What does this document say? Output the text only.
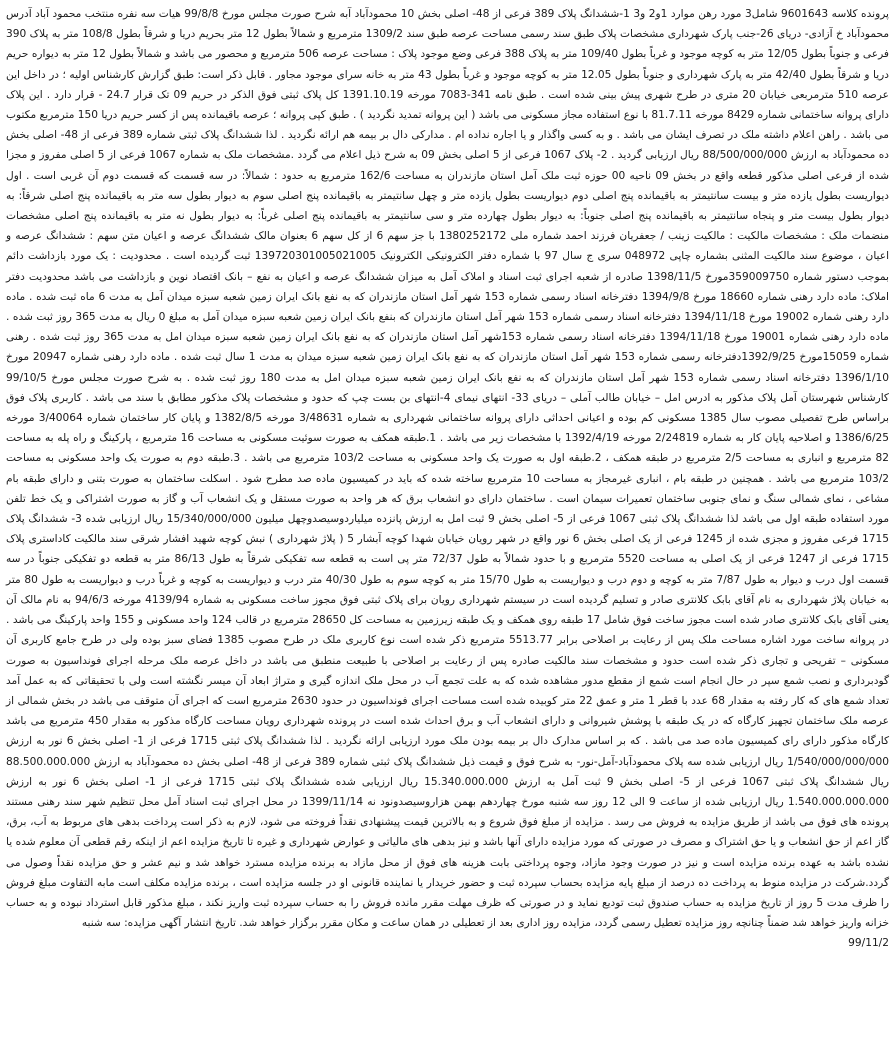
پرونده کلاسه 9601643 شامل3 مورد رهن موارد 1و2 و3 1-ششدانگ پلاک 389 فرعی از 48- اصلی بخش 10 محمودآباد آبه شرح صورت مجلس مورخ 99/8/8 هیات سه نفره منتخب محمود آباد آدرس محمودآباد خ آزادی- دریای 26-جنب پارک شهرداری مشخصات پلاک طبق سند رسمی مساحت عرصه طبق سند 1309/2 مترمربع و شمالاً بطول 12 متر بحریم دریا و شرقاً بطول 108/8 متر به پلاک 390 فرعی و جنوباً بطول 12/05 متر به کوچه موجود و غرباً بطول 109/40 متر به پلاک 388 فرعی وضع موجود پلاک : مساحت عرصه 506 مترمربع و محصور می باشد و شمالاً بطول 12 متر به دیواره حریم دریا و شرقاً بطول 42/40 متر به پارک شهرداری و جنوباً بطول 12.05 متر به کوچه موجود و غرباً بطول 43 متر به خانه سرای موجود مجاور . قابل ذکر است: طبق گزارش کارشناس اولیه ؛ در داخل این عرصه 510 مترمربعی خیابان 20 متری در طرح شهری پیش بینی شده است . طبق نامه 341-7083 مورخه 1391.10.19 کل پلاک ثبتی فوق الذکر در حریم 09 تک قرار 24.7 - قرار دارد . این پلاک دارای پروانه ساختمانی شماره 8429 مورخه 81.7.11 با نوع استفاده مجاز مسکونی می باشد ( این پروانه تمدید نگردید ) . طبق کپی پروانه ؛ عرصه باقیمانده پس از کسر حریم دریا 150 مترمربع مکتوب می باشد . راهن اعلام داشته ملک در تصرف ایشان می باشد . و به کسی واگذار و یا اجاره نداده ام . مدارکی دال بر بیمه هم ارائه نگردید . لذا ششدانگ پلاک ثبتی شماره 389 فرعی از 48- اصلی بخش ده محمودآباد به ارزش 88/500/000/000 ریال ارزیابی گردید . 2- پلاک 1067 فرعی از 5 اصلی بخش 09 به شرح ذیل اعلام می گردد .مشخصات ملک به شماره 1067 فرعی از 5 اصلی مفروز و مجزا شده از فرعی اصلی مذکور قطعه واقع در بخش 09 ناحیه 00 حوزه ثبت ملک آمل استان مازندران به مساحت 162/6 مترمربع به حدود : شمالاً: در سه قسمت که قسمت دوم آن غربی است . اول دیواریست بطول یازده متر و بیست سانتیمتر به باقیمانده پنج اصلی دوم دیواریست بطول یازده متر و چهل سانتیمتر به باقیمانده پنج اصلی سوم به دیوار بطول سه متر به باقیمانده پنج اصلی شرقاً: به دیوار بطول بیست متر و پنجاه سانتیمتر به باقیمانده پنج اصلی جنوباً: به دیوار بطول چهارده متر و سی سانتیمتر به باقیمانده پنج اصلی غرباً: به دیوار بطول نه متر به باقیمانده پنج اصلی مشخصات منضمات ملک : مشخصات مالکیت : مالکیت زینب / جعفریان فرزند احمد شماره ملی 1380252172 با جز سهم 6 از کل سهم 6 بعنوان مالک ششدانگ عرصه و اعیان متن سهم : ششدانگ عرصه و اعیان ، موضوع سند مالکیت المثنی بشماره چاپی 048972 سری ج سال 97 با شماره دفتر الکترونیکی الکترونیک 139720301005021005 ثبت گردیده است . محدودیت : یک مورد بازداشت دائم بموجب دستور شماره 359009750مورخ 1398/11/5 صادره از شعبه اجرای ثبت اسناد و املاک آمل به میزان ششدانگ عرصه و اعیان به نفع – بانک اقتصاد نوین و بازداشت می باشد محدودیت دفتر املاک: ماده دارد رهنی شماره 18660 مورخ 1394/9/8 دفترخانه اسناد رسمی شماره 153 شهر آمل استان مازندران که به نفع بانک ایران زمین شعبه سبزه میدان آمل به مدت 6 ماه ثبت شده . ماده دارد رهنی شماره 19002 مورخ 1394/11/18 دفترخانه اسناد رسمی شماره 153 شهر آمل استان مازندران که بنفع بانک ایران زمین شعبه سبزه میدان آمل به مبلغ 0 ریال به مدت 365 روز ثبت شده . ماده دارد رهنی شماره 19001 مورخ 1394/11/18 دفترخانه اسناد رسمی شماره 153شهر آمل استان مازندران که به نفع بانک ایران زمین شعبه سبزه میدان امل به مدت 365 روز ثبت شده . رهنی شماره 15059مورخ 1392/9/25دفترخانه رسمی شماره 153 شهر آمل استان مازندران که به نفع بانک ایران زمین شعبه سبزه میدان به مدت 1 سال ثبت شده . ماده دارد رهنی شماره 20947 مورخ 1396/1/10 دفترخانه اسناد رسمی شماره 153 شهر آمل استان مازندران که به نفع بانک ایران زمین شعبه سبزه میدان امل به مدت 180 روز ثبت شده . به شرح صورت مجلس مورخ 99/10/5 کارشناس شهرستان آمل پلاک مذکور به ادرس امل – خیابان طالب آملی – دریای 33- انتهای نیمای 4-انتهای بن بست چپ که حدود و مشخصات پلاک مذکور مطابق با سند می باشد . کاربری پلاک فوق براساس طرح تفصیلی مصوب سال 1385 مسکونی کم بوده و اعیانی احداثی دارای پروانه ساختمانی شهرداری به شماره 3/48631 مورخه 1382/8/5 و پایان کار ساختمان شماره 3/40064 مورخه 1386/6/25 و اصلاحیه پایان کار به شماره 2/24819 مورخه 1392/4/19 با مشخصات زیر می باشد . 1.طبقه همکف به صورت سوئیت مسکونی به مساحت 16 مترمربع ، پارکینگ و راه پله به مساحت 82 مترمربع و انباری به مساحت 2/5 مترمربع در طبقه همکف ، 2.طبقه اول به صورت یک واحد مسکونی به مساحت 103/2 مترمربع می باشد . 3.طبقه دوم به صورت یک واحد مسکونی به مساحت 103/2 مترمربع می باشد . همچنین در طبقه بام ، انباری غیرمجاز به مساحت 10 مترمربع ساخته شده که باید در کمیسیون ماده صد مطرح شود . اسکلت ساختمان به صورت بتنی و دارای طبقه بام مشاعی ، نمای شمالی سنگ و نمای جنوبی ساختمان تعمیرات سیمان است . ساختمان دارای دو انشعاب برق که هر واحد به صورت مستقل و یک انشعاب آب و گاز به صورت اشتراکی و یک خط تلفن مورد استفاده طبقه اول می باشد لذا ششدانگ پلاک ثبتی 1067 فرعی از 5- اصلی بخش 9 ثبت امل به ارزش پانزده میلیاردوسیصدوچهل میلیون 15/340/000/000 ریال ارزیابی شده 3- ششدانگ پلاک 1715 فرعی مفروز و مجزی شده از 1245 فرعی از یک اصلی بخش 6 نور واقع در شهر رویان خیابان شهدا کوچه آبشار 5 ( پلاژ شهرداری ) نبش کوچه شهید افشار شرقی سند مالکیت کاداستری پلاک 1715 فرعی از 1247 فرعی از یک اصلی به مساحت 5520 مترمربع و با حدود شمالاً به طول 72/37 متر پی است به قطعه سه تفکیکی شرقاً به طول 86/13 متر به قطعه دو تفکیکی جنوباً در سه قسمت اول درب و دیوار به طول 7/87 متر به کوچه و دوم درب و دیواریست به طول 15/70 متر به کوچه سوم به طول 40/30 متر درب و دیواریست به کوچه و غرباً درب و دیواریست به طول 80 متر به خیابان پلاژ شهرداری به نام آقای بابک کلانتری صادر و تسلیم گردیده است در سیستم شهرداری رویان برای پلاک ثبتی فوق مجوز ساخت مسکونی به شماره 4139/94 مورخه 94/6/3 به نام مالک آن یعنی آقای بابک کلانتری صادر شده است مجوز ساخت فوق شامل 17 طبقه روی همکف و یک طبقه زیرزمین به مساحت کل 28650 مترمربع در قالب 124 واحد مسکونی و 155 واحد پارکینگ می باشد . در پروانه ساخت مورد اشاره مساحت ملک پس از رعایت بر اصلاحی برابر 5513.77 مترمربع ذکر شده است نوع کاربری ملک در طرح مصوب 1385 فضای سبز بوده ولی در طرح جامع کاربری آن مسکونی – تفریحی و تجاری ذکر شده است حدود و مشخصات سند مالکیت صادره پس از رعایت بر اصلاحی با طبیعت منطبق می باشد در داخل عرصه ملک مرحله اجرای فونداسیون به صورت گودبرداری و نصب شمع سپر در حال انجام است شمع از مقطع مدور مشاهده شده که به علت تجمع آب در محل ملک اندازه گیری و متراژ ابعاد آن میسر نگشته است ولی با تحقیقاتی که به عمل آمد تعداد شمع های که کار رفته به مقدار 68 عدد با قطر 1 متر و عمق 22 متر کوبیده شده است مساحت اجرای فونداسیون در حدود 2630 مترمربع است که اجرای آن متوقف می باشد در بخش شمالی از عرصه ملک ساختمان تجهیز کارگاه که در یک طبقه با پوشش شیروانی و دارای انشعاب آب و برق احداث شده است در پرونده شهرداری رویان مساحت کارگاه مذکور به مقدار 450 مترمربع می باشد کارگاه مذکور دارای رای کمیسیون ماده صد می باشد . که بر اساس مدارک دال بر بیمه بودن ملک مورد ارزیابی ارائه نگردید . لذا ششدانگ پلاک ثبتی 1715 فرعی از 1- اصلی بخش 6 نور به ارزش 1/540/000/000/000 ریال ارزیابی شده سه پلاک محمودآباد-آمل-نور- به شرح فوق و قیمت ذیل ششدانگ پلاک ثبتی شماره 389 فرعی از 48- اصلی بخش ده محمودآباد به ارزش 88.500.000.000 ریال ششدانگ پلاک ثبتی 1067 فرعی از 5- اصلی بخش 9 ثبت آمل به ارزش 15.340.000.000 ریال ارزیابی شده ششدانگ پلاک ثبتی 1715 فرعی از 1- اصلی بخش 6 نور به ارزش 1.540.000.000.000 ریال ارزیابی شده از ساعت 9 الی 12 روز سه شنبه مورخ چهاردهم بهمن هزاروسیصدونود نه 1399/11/14 در محل اجرای ثبت اسناد آمل محل تنظیم شهر سند رهنی مستند پرونده های فوق می باشد از طریق مزایده به فروش می رسد . مزایده از مبلغ فوق شروع و به بالاترین قیمت پیشنهادی نقداً فروخته می شود، لازم به ذکر است پرداخت بدهی های مربوط به آب، برق، گاز اعم از حق انشعاب و یا حق اشتراک و مصرف در صورتی که مورد مزایده دارای آنها باشد و نیز بدهی های مالیاتی و عوارض شهرداری و غیره تا تاریخ مزایده اعم از اینکه رقم قطعی آن معلوم شده یا نشده باشد به عهده برنده مزایده است و نیز در صورت وجود مازاد، وجوه پرداختی بابت هزینه های فوق از محل مازاد به برنده مزایده مسترد خواهد شد و نیم عشر و حق مزایده نقداً وصول می گردد.شرکت در مزایده منوط به پرداخت ده درصد از مبلغ پایه مزایده بحساب سپرده ثبت و حضور خریدار یا نماینده قانونی او در جلسه مزایده است ، برنده مزایده مکلف است مابه التفاوت مبلغ فروش را ظرف مدت 5 روز از تاریخ مزایده به حساب صندوق ثبت تودیع نماید و در صورتی که ظرف مهلت مقرر مانده فروش را به حساب سپرده ثبت واریز نکند ، مبلغ مذکور قابل استرداد نبوده و به حساب خزانه واریز خواهد شد ضمناً چنانچه روز مزایده تعطیل رسمی گردد، مزایده روز اداری بعد از تعطیلی در همان ساعت و مکان مقرر برگزار خواهد شد. تاریخ انتشار آگهی مزایده: سه شنبه

99/11/2
